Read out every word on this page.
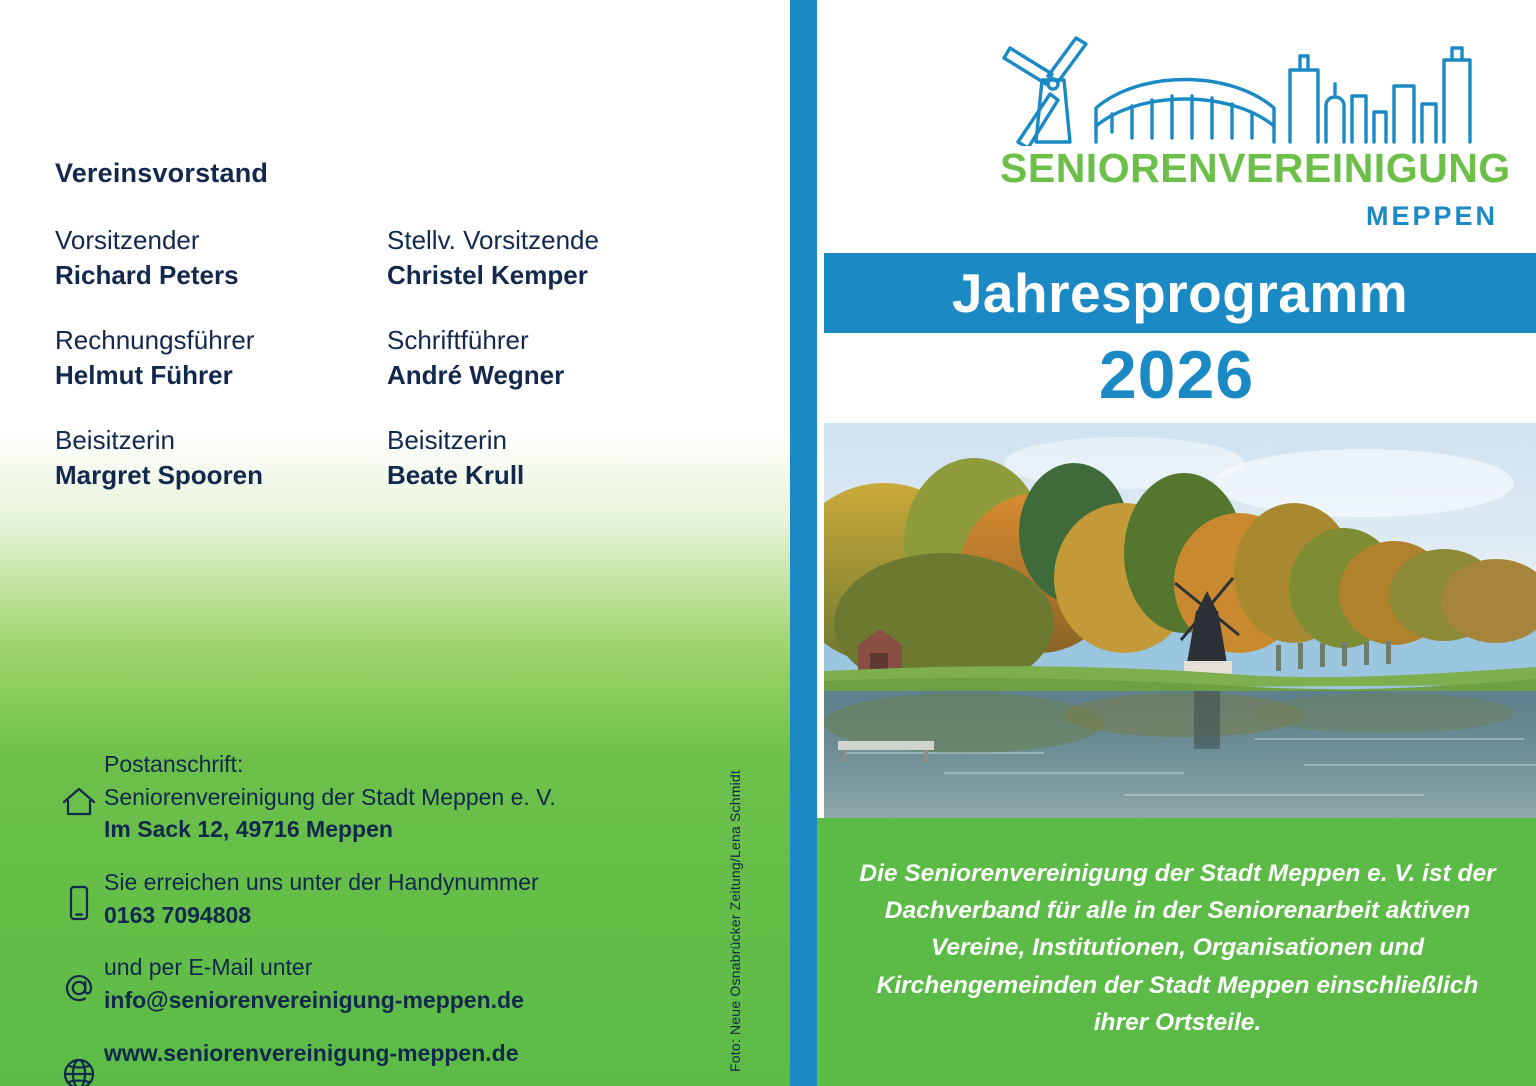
Vereinsvorstand
Vorsitzender
Richard Peters
Stellv. Vorsitzende
Christel Kemper
Rechnungsführer
Helmut Führer
Schriftführer
André Wegner
Beisitzerin
Margret Spooren
Beisitzerin
Beate Krull
Postanschrift:
Seniorenvereinigung der Stadt Meppen e. V.
Im Sack 12, 49716 Meppen
Sie erreichen uns unter der Handynummer
0163 7094808
und per E-Mail unter
info@seniorenvereinigung-meppen.de
www.seniorenvereinigung-meppen.de	Foto: Neue Osnabrücker Zeitung/Lena Schmidt
SENIORENVEREINIGUNG
MEPPEN
Jahresprogramm
2026
Die Seniorenvereinigung der Stadt Meppen e. V. ist der Dachverband für alle in der Seniorenarbeit aktiven Vereine, Institutionen, Organisationen und Kirchengemeinden der Stadt Meppen einschließlich ihrer Ortsteile.
